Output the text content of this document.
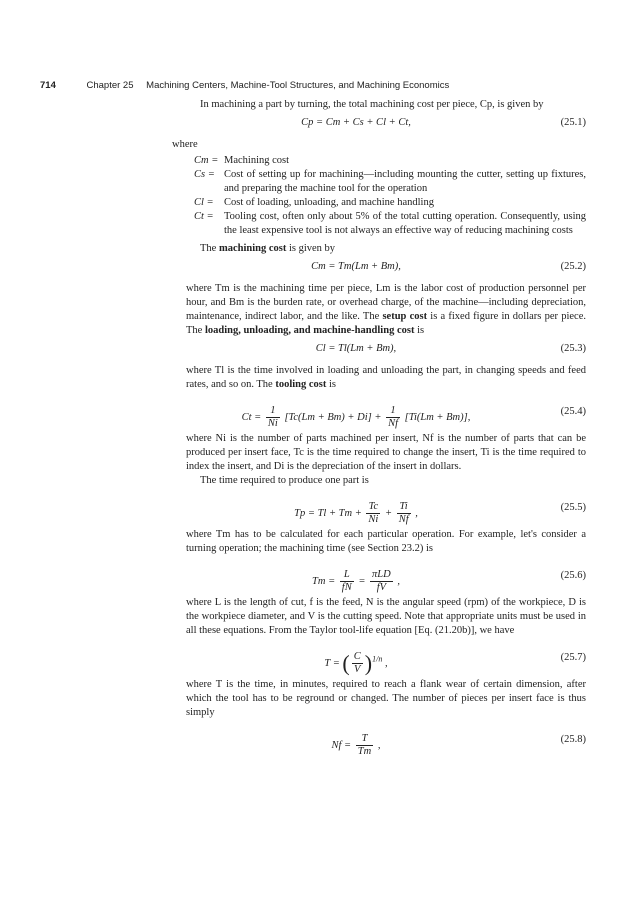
714	Chapter 25 Machining Centers, Machine-Tool Structures, and Machining Economics

In machining a part by turning, the total machining cost per piece, Cp, is given by

Cp = Cm + Cs + Cl + Ct,	(25.1)

where

Cm = Machining cost
Cs = Cost of setting up for machining—including mounting the cutter, setting up fixtures, and preparing the machine tool for the operation
Cl = Cost of loading, unloading, and machine handling
Ct = Tooling cost, often only about 5% of the total cutting operation. Consequently, using the least expensive tool is not always an effective way of reducing machining costs

The machining cost is given by

Cm = Tm(Lm + Bm),	(25.2)

where Tm is the machining time per piece, Lm is the labor cost of production personnel per hour, and Bm is the burden rate, or overhead charge, of the machine—including depreciation, maintenance, indirect labor, and the like. The setup cost is a fixed figure in dollars per piece. The loading, unloading, and machine-handling cost is

Cl = Tl(Lm + Bm),	(25.3)

where Tl is the time involved in loading and unloading the part, in changing speeds and feed rates, and so on. The tooling cost is

$Ct = \frac{1}{Ni} [Tc(Lm + Bm) + Di] + \frac{1}{Nf} [Ti(Lm + Bm)]$,
(25.4)

where Ni is the number of parts machined per insert, Nf is the number of parts that can be produced per insert face, Tc is the time required to change the insert, Ti is the time required to index the insert, and Di is the depreciation of the insert in dollars.

The time required to produce one part is

$Tp = Tl + Tm + \frac{Tc}{Ni} + \frac{Ti}{Nf}$ ,
(25.5)

where Tm has to be calculated for each particular operation. For example, let's consider a turning operation; the machining time (see Section 23.2) is

$Tm = \frac{L}{fN} = \frac{\text{πLD}}{fV}$ ,
(25.6)

where L is the length of cut, f is the feed, N is the angular speed (rpm) of the workpiece, D is the workpiece diameter, and V is the cutting speed. Note that appropriate units must be used in all these equations. From the Taylor tool-life equation [Eq. (21.20b)], we have

T = ( $\frac{C}{V} )^{1/n}$ ,
(25.7)

where T is the time, in minutes, required to reach a flank wear of certain dimension, after which the tool has to be reground or changed. The number of pieces per insert face is thus simply

$Nf = \frac{T}{Tm}$ ,
(25.8)
